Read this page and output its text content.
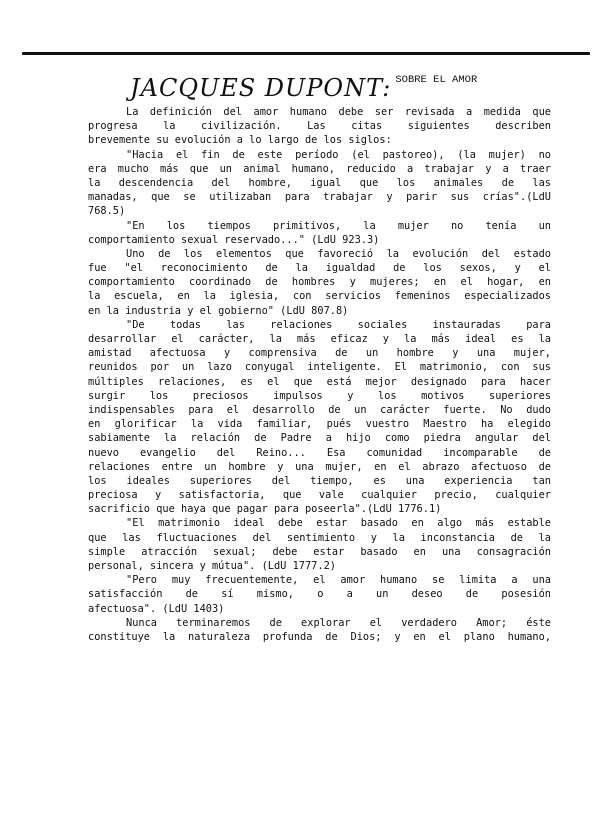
JACQUES DUPONT: SOBRE EL AMOR
La definición del amor humano debe ser revisada a medida que
progresa la civilización. Las citas siguientes describen
brevemente su evolución a lo largo de los siglos:
"Hacia el fin de este período (el pastoreo), (la mujer) no
era mucho más que un animal humano, reducido a trabajar y a traer
la descendencia del hombre, igual que los animales de las
manadas, que se utilizaban para trabajar y parir sus crías".(LdU
768.5)
"En los tiempos primitivos, la mujer no tenía un
comportamiento sexual reservado..." (LdU 923.3)
Uno de los elementos que favoreció la evolución del estado
fue "el reconocimiento de la igualdad de los sexos, y el
comportamiento coordinado de hombres y mujeres; en el hogar, en
la escuela, en la iglesia, con servicios femeninos especializados
en la industria y el gobierno" (LdU 807.8)
"De todas las relaciones sociales instauradas para
desarrollar el carácter, la más eficaz y la más ideal es la
amistad afectuosa y comprensiva de un hombre y una mujer,
reunidos por un lazo conyugal inteligente. El matrimonio, con sus
múltiples relaciones, es el que está mejor designado para hacer
surgir los preciosos impulsos y los motivos superiores
indispensables para el desarrollo de un carácter fuerte. No dudo
en glorificar la vida familiar, pués vuestro Maestro ha elegido
sabiamente la relación de Padre a hijo como piedra angular del
nuevo evangelio del Reino... Esa comunidad incomparable de
relaciones entre un hombre y una mujer, en el abrazo afectuoso de
los ideales superiores del tiempo, es una experiencia tan
preciosa y satisfactoria, que vale cualquier precio, cualquier
sacrificio que haya que pagar para poseerla".(LdU 1776.1)
"El matrimonio ideal debe estar basado en algo más estable
que las fluctuaciones del sentimiento y la inconstancia de la
simple atracción sexual; debe estar basado en una consagración
personal, sincera y mútua". (LdU 1777.2)
"Pero muy frecuentemente, el amor humano se limita a una
satisfacción de sí mismo, o a un deseo de posesión
afectuosa". (LdU 1403)
Nunca terminaremos de explorar el verdadero Amor; éste
constituye la naturaleza profunda de Dios; y en el plano humano,
